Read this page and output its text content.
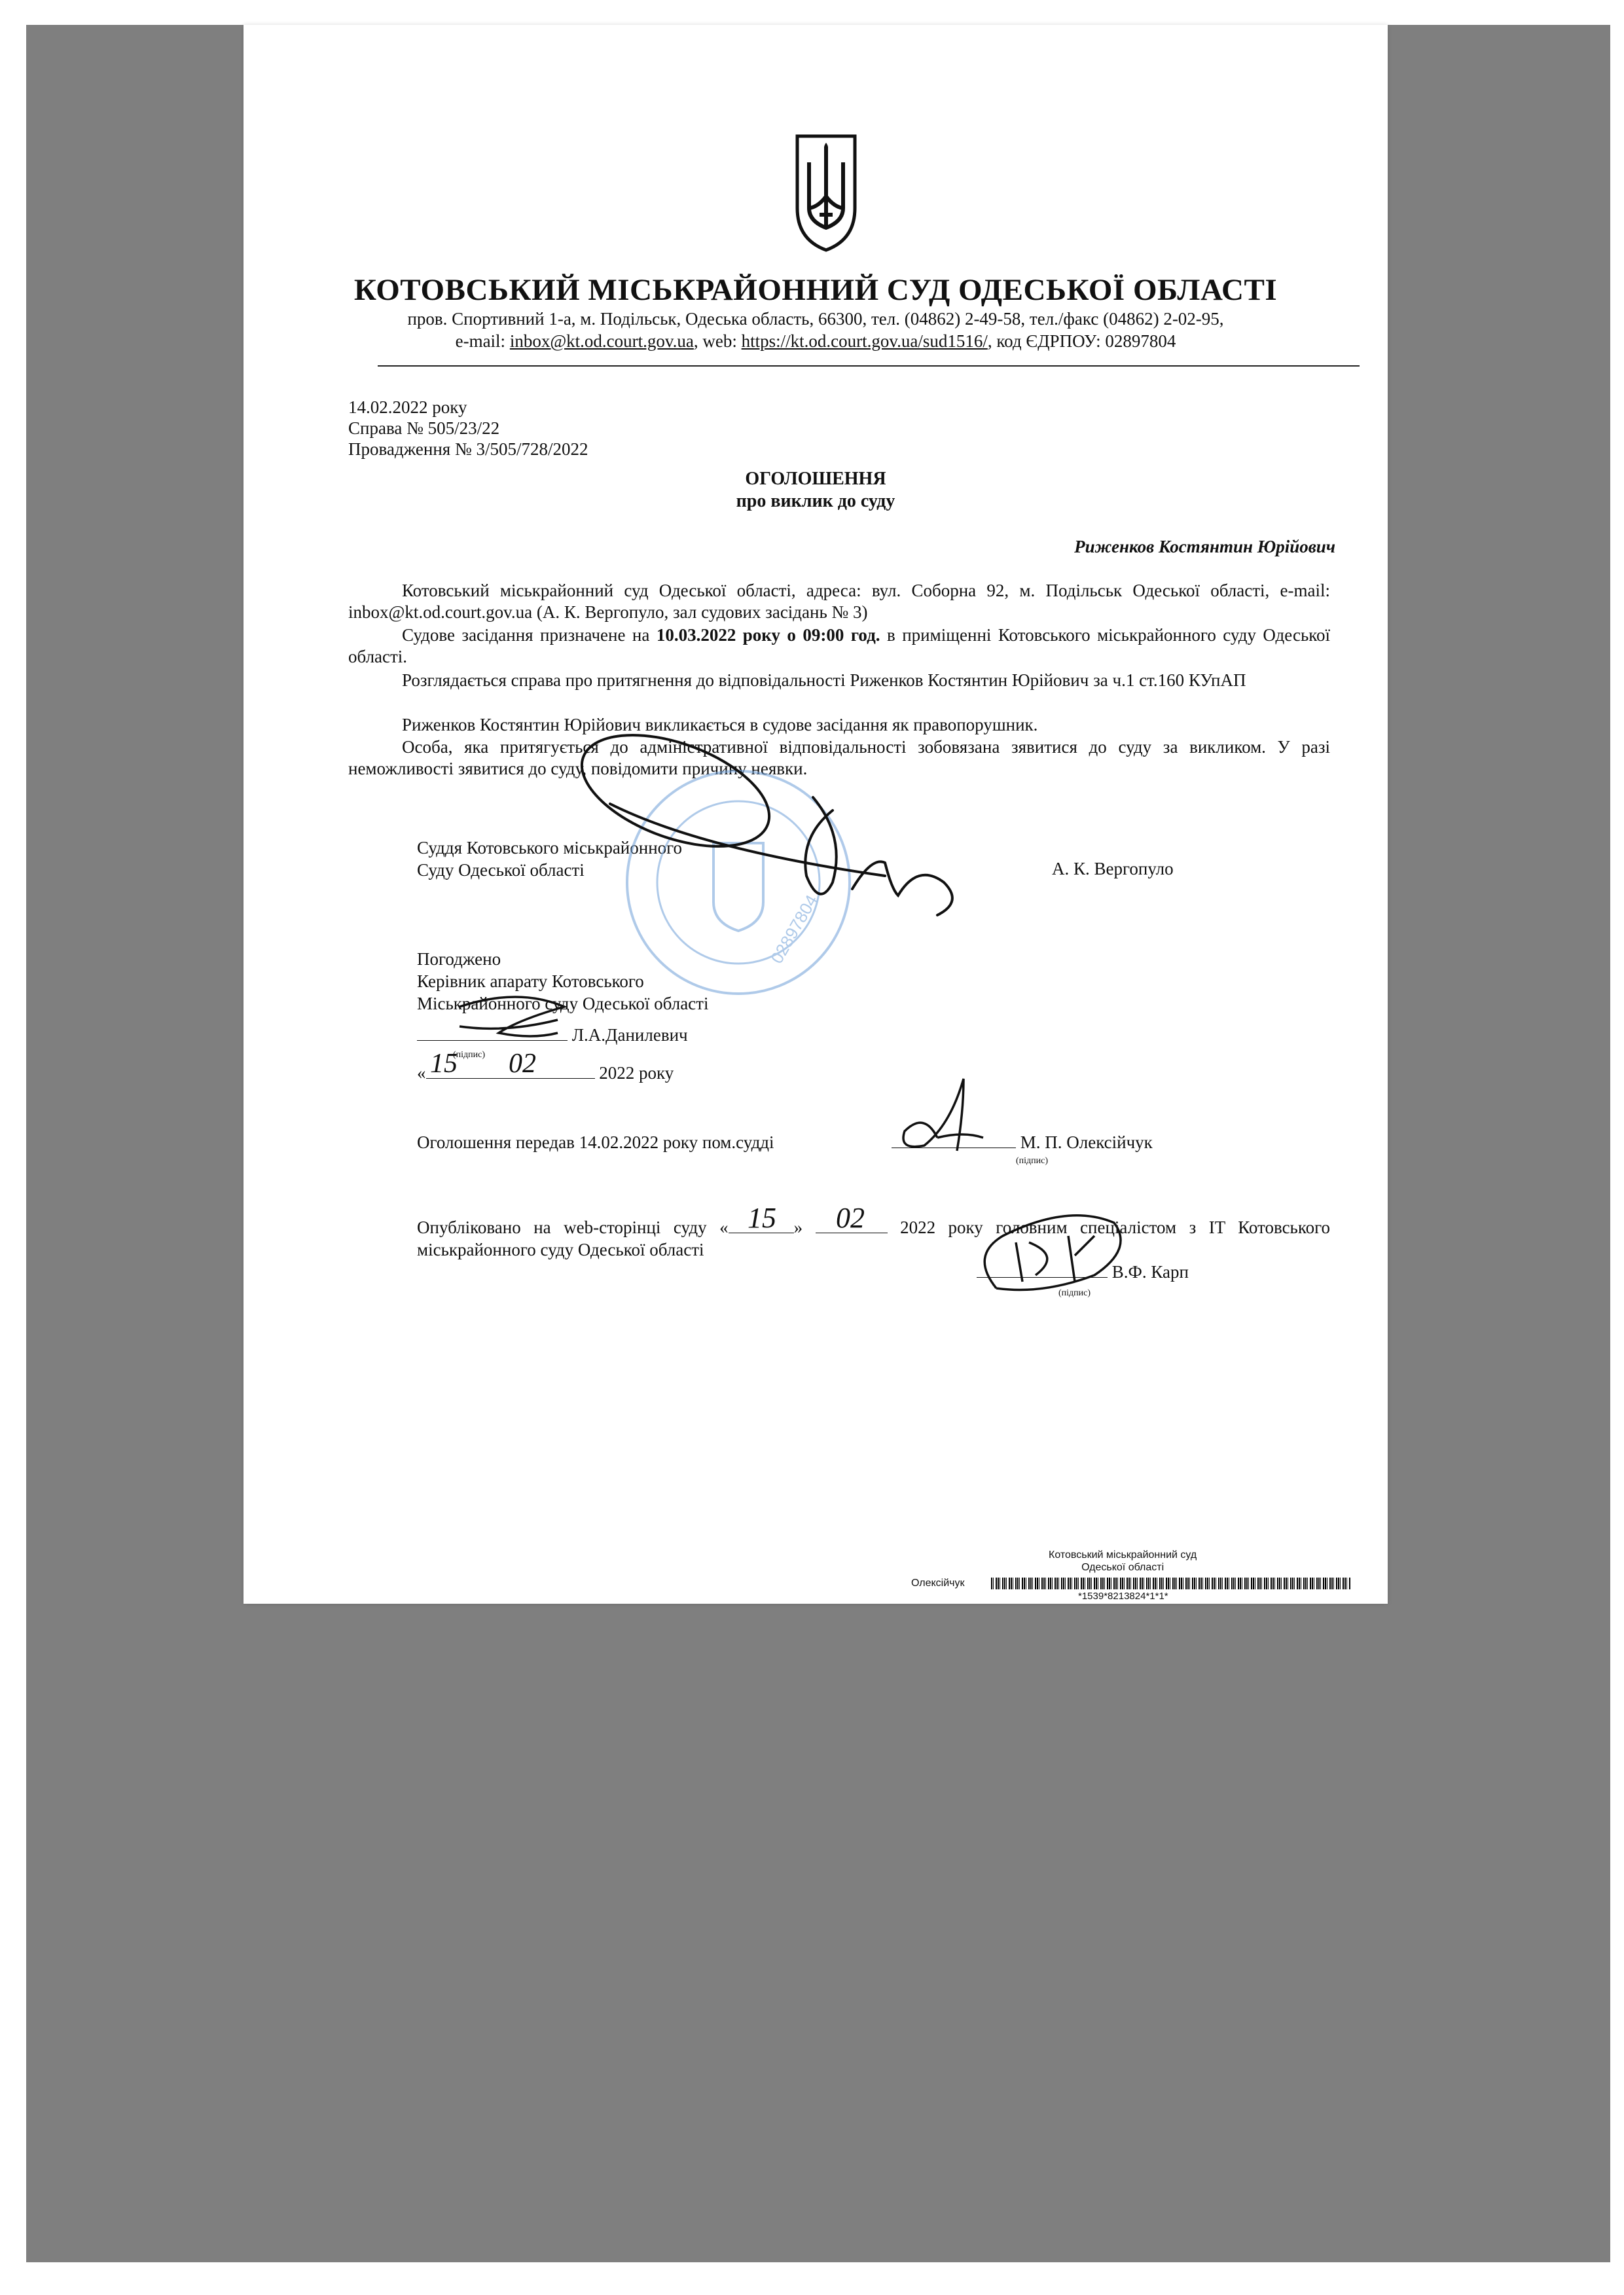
КОТОВСЬКИЙ МІСЬКРАЙОННИЙ СУД ОДЕСЬКОЇ ОБЛАСТІ
пров. Спортивний 1-а, м. Подільськ, Одеська область, 66300, тел. (04862) 2-49-58, тел./факс (04862) 2-02-95,
e-mail: inbox@kt.od.court.gov.ua, web: https://kt.od.court.gov.ua/sud1516/, код ЄДРПОУ: 02897804
14.02.2022 року
Справа № 505/23/22
Провадження № 3/505/728/2022
ОГОЛОШЕННЯ
про виклик до суду
Риженков Костянтин Юрійович
Котовський міськрайонний суд Одеської області, адреса: вул. Соборна 92, м. Подільськ Одеської області, e-mail: inbox@kt.od.court.gov.ua (А. К. Вергопуло, зал судових засідань № 3)
Судове засідання призначене на 10.03.2022 року о 09:00 год. в приміщенні Котовського міськрайонного суду Одеської області.
Розглядається справа про притягнення до відповідальності Риженков Костянтин Юрійович за ч.1 ст.160 КУпАП
Риженков Костянтин Юрійович викликається в судове засідання як правопорушник.
Особа, яка притягується до адміністративної відповідальності зобовязана зявитися до суду за викликом. У разі неможливості зявитися до суду, повідомити причину неявки.
Суддя Котовського міськрайонного
Суду Одеської області	А. К. Вергопуло
Погоджено
Керівник апарату Котовського
Міськрайонного суду Одеської області
Л.А.Данилевич
(підпис)
«	2022 року
Оголошення передав 14.02.2022 року пом.судді	М. П. Олексійчук
(підпис)
Опубліковано на web-сторінці суду «	»	2022 року головним спеціалістом з IT Котовського міськрайонного суду Одеської області
В.Ф. Карп
(підпис)
Котовський міськрайонний суд
Одеської області
Олексійчук
*1539*8213824*1*1*
02897804
15 02
15 02
